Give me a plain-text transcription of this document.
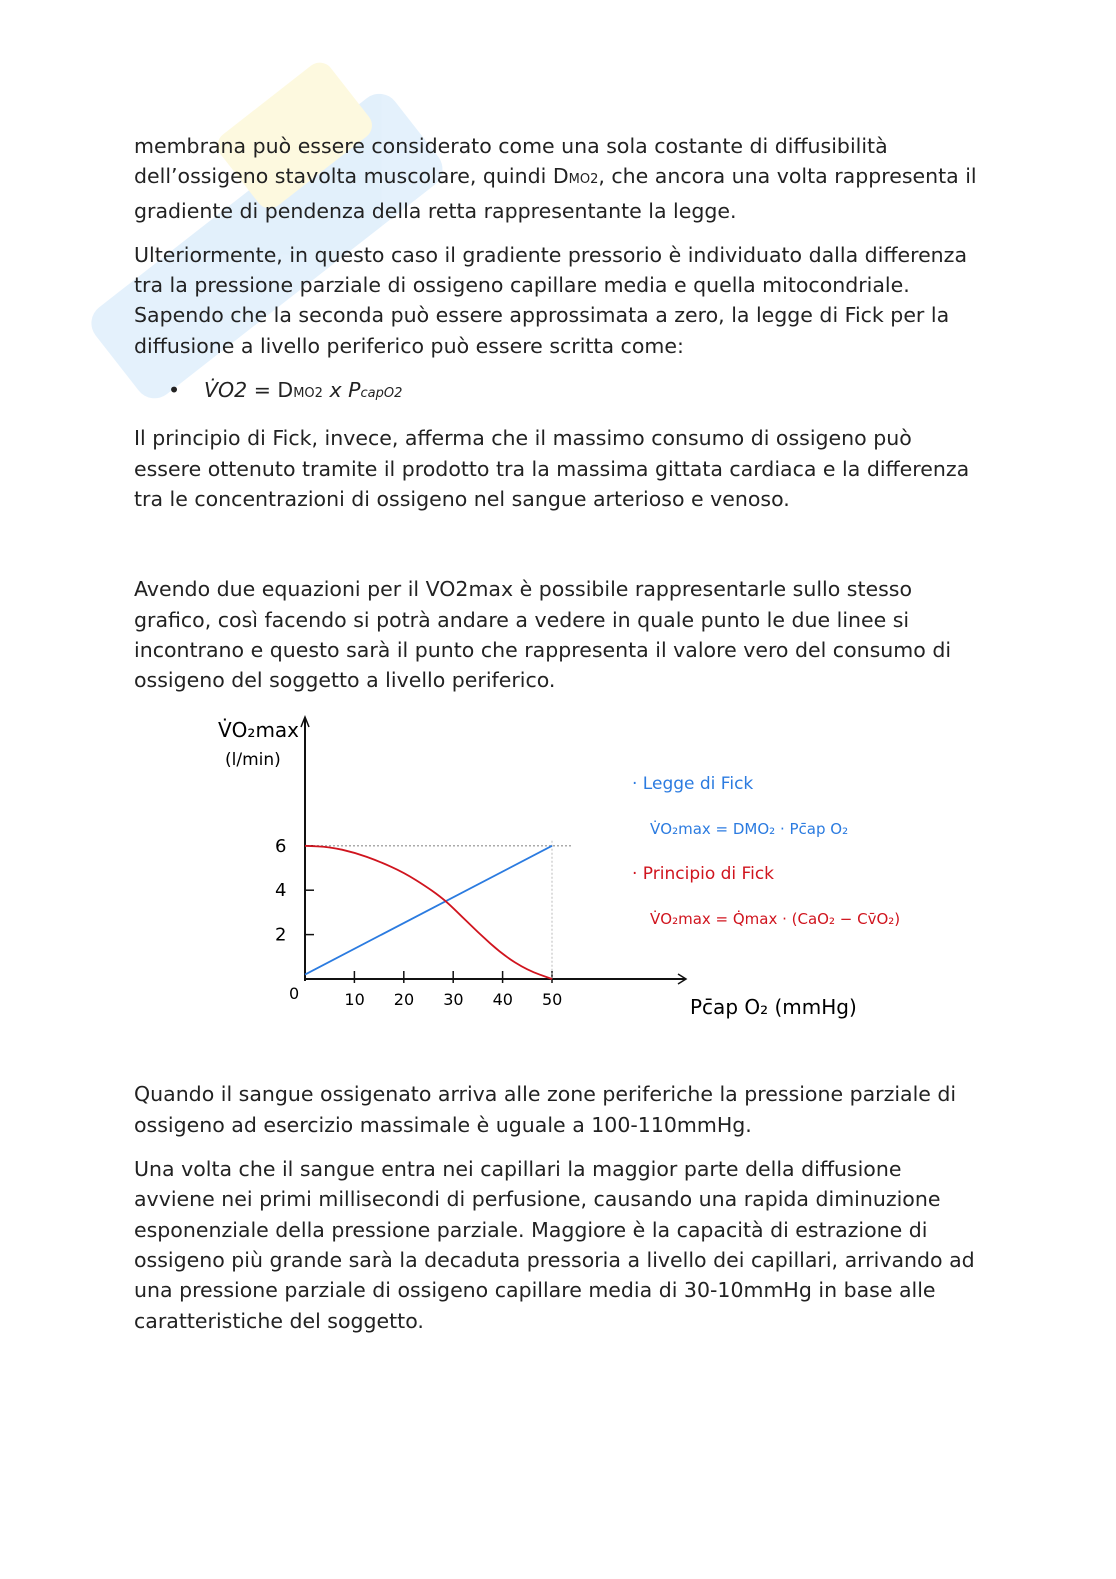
membrana può essere considerato come una sola costante di diffusibilità dell’ossigeno stavolta muscolare, quindi DMO2, che ancora una volta rappresenta il gradiente di pendenza della retta rappresentante la legge.

Ulteriormente, in questo caso il gradiente pressorio è individuato dalla differenza tra la pressione parziale di ossigeno capillare media e quella mitocondriale. Sapendo che la seconda può essere approssimata a zero, la legge di Fick per la diffusione a livello periferico può essere scritta come:

• V̇O2 = DMO2 x PcapO2

Il principio di Fick, invece, afferma che il massimo consumo di ossigeno può essere ottenuto tramite il prodotto tra la massima gittata cardiaca e la differenza tra le concentrazioni di ossigeno nel sangue arterioso e venoso.

Avendo due equazioni per il VO2max è possibile rappresentarle sullo stesso grafico, così facendo si potrà andare a vedere in quale punto le due linee si incontrano e questo sarà il punto che rappresenta il valore vero del consumo di ossigeno del soggetto a livello periferico.

V̇O₂max
(l/min)
Pc̄ap O₂ (mmHg)
0	10 20 30 40 50
2
4
6
· Legge di Fick
V̇O₂max = DMO₂ · Pc̄ap O₂
· Principio di Fick
V̇O₂max = Q̇max · (CaO₂ − Cv̄O₂)

Quando il sangue ossigenato arriva alle zone periferiche la pressione parziale di ossigeno ad esercizio massimale è uguale a 100-110mmHg.

Una volta che il sangue entra nei capillari la maggior parte della diffusione avviene nei primi millisecondi di perfusione, causando una rapida diminuzione esponenziale della pressione parziale. Maggiore è la capacità di estrazione di ossigeno più grande sarà la decaduta pressoria a livello dei capillari, arrivando ad una pressione parziale di ossigeno capillare media di 30-10mmHg in base alle caratteristiche del soggetto.
